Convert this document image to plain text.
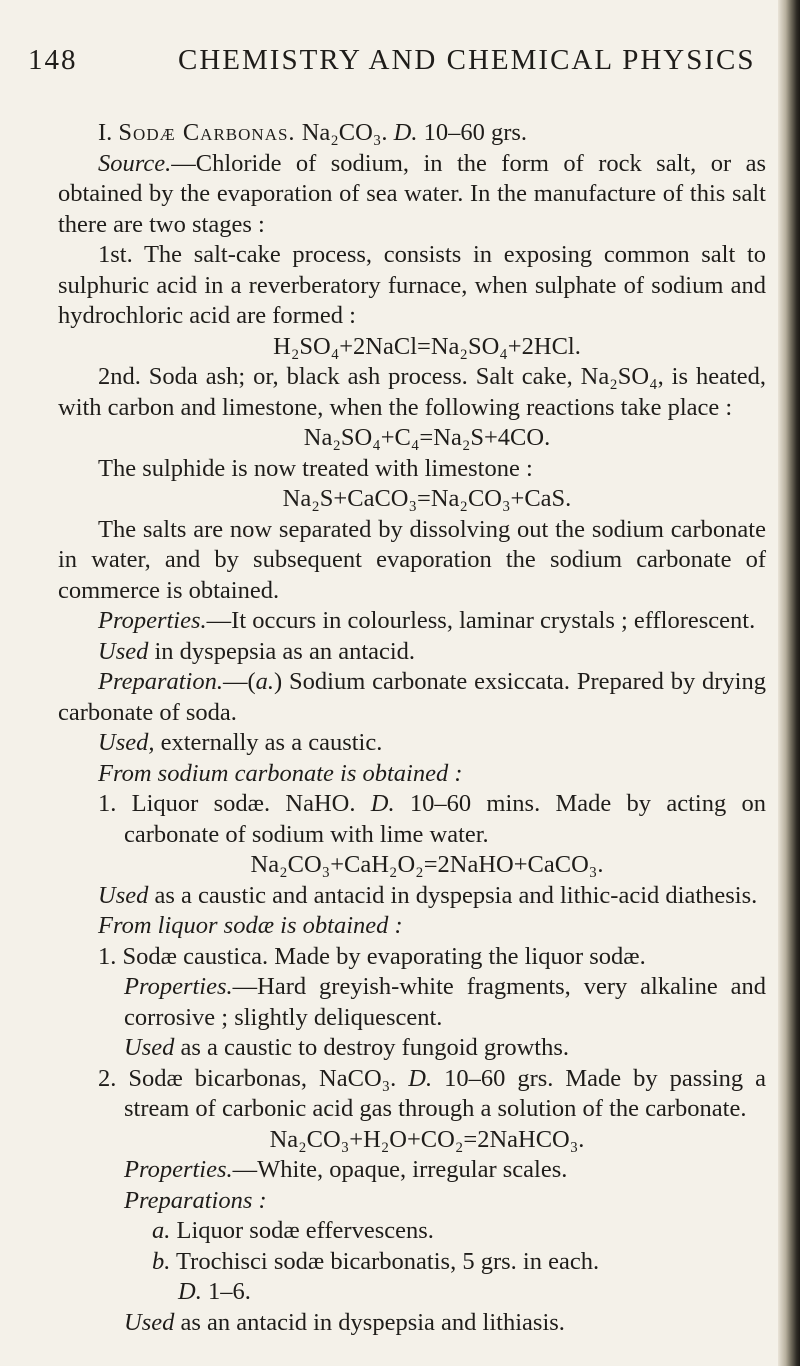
148	CHEMISTRY AND CHEMICAL PHYSICS

I. Sodæ Carbonas. Na₂CO₃. D. 10–60 grs.

Source.—Chloride of sodium, in the form of rock salt, or as obtained by the evaporation of sea water. In the manufacture of this salt there are two stages :

1st. The salt-cake process, consists in exposing common salt to sulphuric acid in a reverberatory furnace, when sulphate of sodium and hydrochloric acid are formed :

H₂SO₄+2NaCl=Na₂SO₄+2HCl.

2nd. Soda ash; or, black ash process. Salt cake, Na₂SO₄, is heated, with carbon and limestone, when the following reactions take place :

Na₂SO₄+C₄=Na₂S+4CO.

The sulphide is now treated with limestone :

Na₂S+CaCO₃=Na₂CO₃+CaS.

The salts are now separated by dissolving out the sodium carbonate in water, and by subsequent evaporation the sodium carbonate of commerce is obtained.

Properties.—It occurs in colourless, laminar crystals ; efflorescent.

Used in dyspepsia as an antacid.

Preparation.—(a.) Sodium carbonate exsiccata. Prepared by drying carbonate of soda.

Used, externally as a caustic.

From sodium carbonate is obtained :

1. Liquor sodæ. NaHO. D. 10–60 mins. Made by acting on carbonate of sodium with lime water.

Na₂CO₃+CaH₂O₂=2NaHO+CaCO₃.

Used as a caustic and antacid in dyspepsia and lithic-acid diathesis.

From liquor sodæ is obtained :

1. Sodæ caustica. Made by evaporating the liquor sodæ.

Properties.—Hard greyish-white fragments, very alkaline and corrosive ; slightly deliquescent.

Used as a caustic to destroy fungoid growths.

2. Sodæ bicarbonas, NaCO₃. D. 10–60 grs. Made by passing a stream of carbonic acid gas through a solution of the carbonate.

Na₂CO₃+H₂O+CO₂=2NaHCO₃.

Properties.—White, opaque, irregular scales.

Preparations :

a. Liquor sodæ effervescens.

b. Trochisci sodæ bicarbonatis, 5 grs. in each.

D. 1–6.

Used as an antacid in dyspepsia and lithiasis.
